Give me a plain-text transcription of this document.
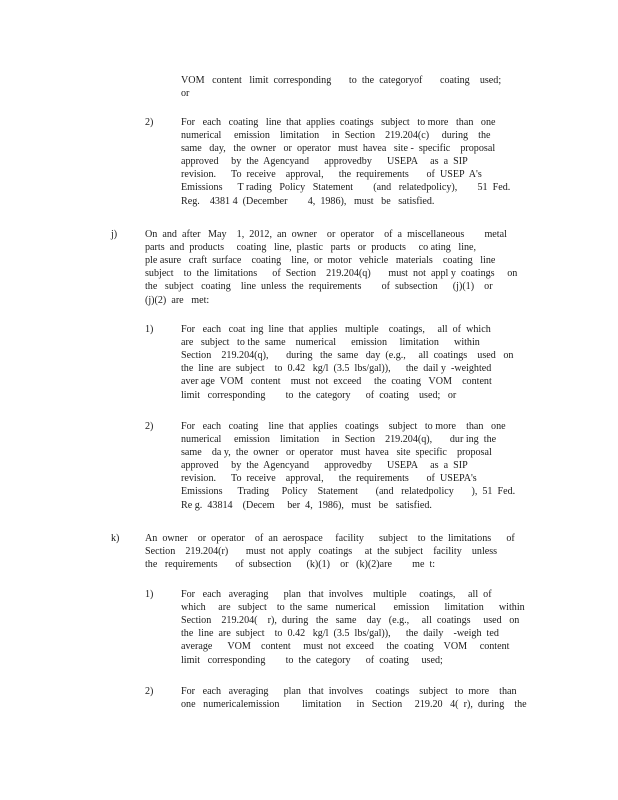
VOM   content   limit  corresponding       to  the  categoryof       coating    used;
or
2)	For   each   coating   line  that  applies  coatings   subject   to more   than   one
numerical     emission    limitation     in  Section    219.204(c)     during    the
same   day,   the  owner   or  operator   must  havea   site -  specific    proposal
approved     by  the  Agencyand      approvedby      USEPA     as  a  SIP
revision.      To  receive    approval,      the  requirements       of  USEP  A's
Emissions      T rading   Policy   Statement        (and   relatedpolicy),        51  Fed.
Reg.    4381 4  (December        4,  1986),   must   be   satisfied.
j)	On  and  after   May    1,  2012,  an  owner    or  operator    of  a  miscellaneous        metal
parts  and  products     coating   line,  plastic   parts   or  products     co ating   line,
ple asure   craft  surface    coating    line,  or  motor   vehicle   materials    coating   line
subject    to  the  limitations      of  Section    219.204(q)       must  not  appl y  coatings     on
the   subject   coating    line  unless  the  requirements        of  subsection      (j)(1)    or
(j)(2)  are   met:
1)	For   each   coat  ing  line  that  applies   multiple    coatings,     all  of  which
are   subject   to the  same    numerical      emission     limitation      within
Section    219.204(q),       during   the  same   day  (e.g.,     all  coatings    used   on
the  line  are  subject    to  0.42   kg/l  (3.5  lbs/gal)),      the  dail y  -weighted
aver age  VOM   content    must  not  exceed     the  coating   VOM    content
limit   corresponding        to  the  category      of  coating    used;   or
2)	For   each   coating    line  that  applies   coatings    subject   to more    than   one
numerical     emission    limitation     in  Section    219.204(q),       dur ing  the
same    da y,  the  owner   or  operator   must  havea   site  specific    proposal
approved     by  the  Agencyand      approvedby      USEPA     as  a  SIP
revision.      To  receive    approval,      the  requirements       of  USEPA's
Emissions      Trading     Policy    Statement       (and   relatedpolicy       ),  51  Fed.
Re g.  43814    (Decem     ber  4,  1986),   must   be   satisfied.
k)	An  owner    or  operator    of  an  aerospace     facility      subject    to  the  limitations      of
Section    219.204(r)       must  not  apply   coatings     at  the  subject    facility    unless
the   requirements       of  subsection      (k)(1)    or   (k)(2)are        me  t:
1)	For   each   averaging      plan   that  involves    multiple     coatings,     all  of
which     are   subject    to  the  same   numerical       emission      limitation      within
Section    219.204(    r),  during   the   same    day   (e.g.,     all  coatings     used   on
the  line  are  subject    to  0.42   kg/l  (3.5  lbs/gal)),      the  daily    -weigh  ted
average      VOM    content     must  not  exceed     the  coating    VOM     content
limit   corresponding        to  the  category      of  coating     used;
2)	For   each   averaging      plan   that  involves     coatings    subject   to  more    than
one   numericalemission         limitation      in   Section     219.20   4(  r),  during    the
